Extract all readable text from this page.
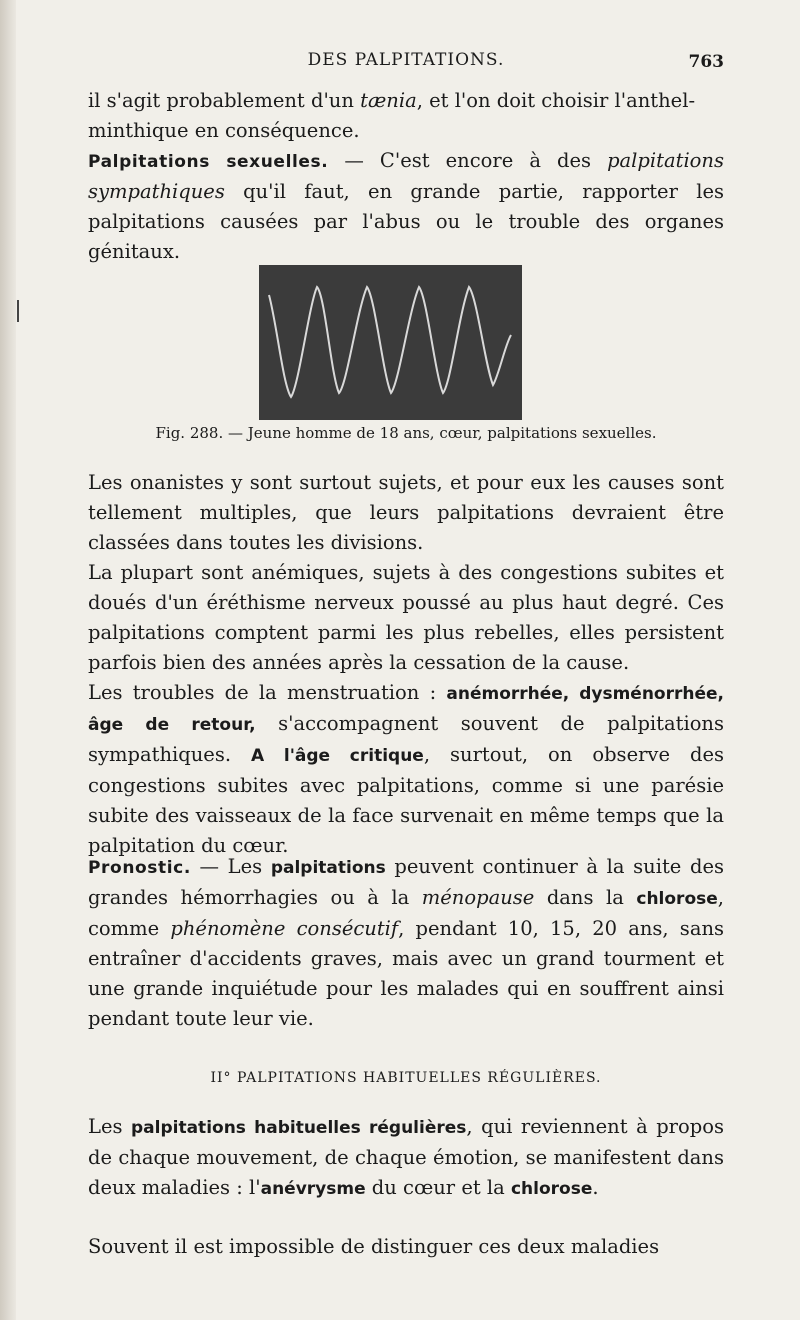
DES PALPITATIONS.	763

il s'agit probablement d'un tænia, et l'on doit choisir l'anthel-
minthique en conséquence.

Palpitations sexuelles. — C'est encore à des palpitations sympathiques qu'il faut, en grande partie, rapporter les palpitations causées par l'abus ou le trouble des organes génitaux.

Fig. 288. — Jeune homme de 18 ans, cœur, palpitations sexuelles.

Les onanistes y sont surtout sujets, et pour eux les causes sont tellement multiples, que leurs palpitations devraient être classées dans toutes les divisions.

La plupart sont anémiques, sujets à des congestions subites et doués d'un éréthisme nerveux poussé au plus haut degré. Ces palpitations comptent parmi les plus rebelles, elles persistent parfois bien des années après la cessation de la cause.

Les troubles de la menstruation : anémorrhée, dysménorrhée, âge de retour, s'accompagnent souvent de palpitations sympathiques. A l'âge critique, surtout, on observe des congestions subites avec palpitations, comme si une parésie subite des vaisseaux de la face survenait en même temps que la palpitation du cœur.

Pronostic. — Les palpitations peuvent continuer à la suite des grandes hémorrhagies ou à la ménopause dans la chlorose, comme phénomène consécutif, pendant 10, 15, 20 ans, sans entraîner d'accidents graves, mais avec un grand tourment et une grande inquiétude pour les malades qui en souffrent ainsi pendant toute leur vie.

II° PALPITATIONS HABITUELLES RÉGULIÈRES.

Les palpitations habituelles régulières, qui reviennent à propos de chaque mouvement, de chaque émotion, se manifestent dans deux maladies : l'anévrysme du cœur et la chlorose.

Souvent il est impossible de distinguer ces deux maladies
